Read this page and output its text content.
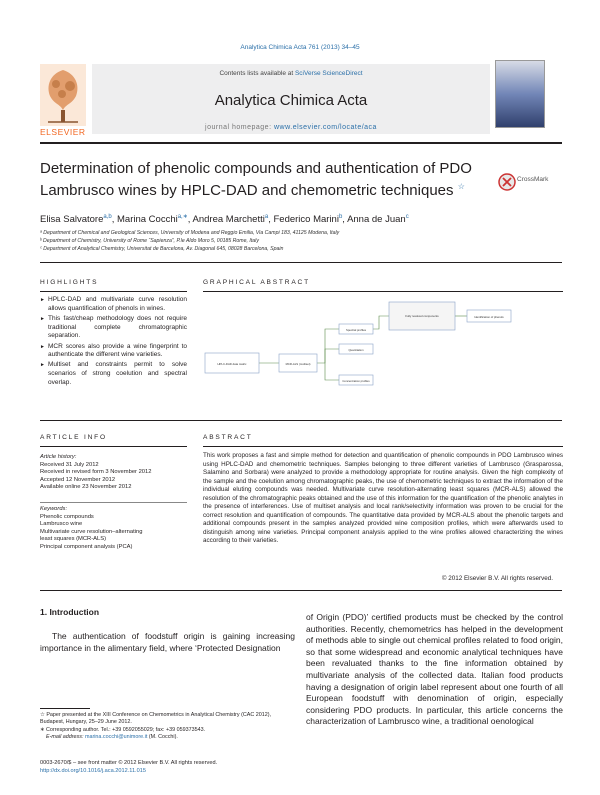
Analytica Chimica Acta 761 (2013) 34–45
ELSEVIER
Contents lists available at SciVerse ScienceDirect
Analytica Chimica Acta
journal homepage: www.elsevier.com/locate/aca
Determination of phenolic compounds and authentication of PDO
Lambrusco wines by HPLC-DAD and chemometric techniques ☆
CrossMark
Elisa Salvatore$^{a,b}$, Marina Cocchi$^{a,∗}$, Andrea Marchetti$^a$, Federico Marini$^b$, Anna de Juan$^c$
ᵃ Department of Chemical and Geological Sciences, University of Modena and Reggio Emilia, Via Campi 183, 41125 Modena, Italy
ᵇ Department of Chemistry, University of Rome “Sapienza”, P.le Aldo Moro 5, 00185 Rome, Italy
ᶜ Department of Analytical Chemistry, Universitat de Barcelona, Av. Diagonal 645, 08028 Barcelona, Spain
HIGHLIGHTS
► HPLC-DAD and multivariate curve resolution allows quantification of phenols in wines.
► This fast/cheap methodology does not require traditional complete chromatographic separation.
► MCR scores also provide a wine fingerprint to authenticate the different wine varieties.
► Multiset and constraints permit to solve scenarios of strong coelution and spectral overlap.
GRAPHICAL ABSTRACT
HPLC-DAD data matrix	MCR-ALS (multiset)
Spectral profiles
Quantitation
Concentration profiles
Fully resolved components	Identification of phenols
ARTICLE INFO
Article history:
Received 31 July 2012
Received in revised form 3 November 2012
Accepted 12 November 2012
Available online 23 November 2012
Keywords:
Phenolic compounds
Lambrusco wine
Multivariate curve resolution–alternating
least squares (MCR-ALS)
Principal component analysis (PCA)
ABSTRACT
This work proposes a fast and simple method for detection and quantification of phenolic compounds in PDO Lambrusco wines using HPLC-DAD and chemometric techniques. Samples belonging to three different varieties of Lambrusco (Grasparossa, Salamino and Sorbara) were analyzed to provide a methodology appropriate for routine analysis. Given the high complexity of the sample and the coelution among chromatographic peaks, the use of chemometric techniques to extract the information of the individual eluting compounds was needed. Multivariate curve resolution-alternating least squares (MCR-ALS) allowed the resolution of the chromatographic peaks obtained and the use of this information for the quantification of the phenolic analytes in the presence of interferences. Use of multiset analysis and local rank/selectivity information was proven to be crucial for the correct resolution and quantification of compounds. The quantitative data provided by MCR-ALS about the phenolic targets and additional compounds present in the samples analyzed provided wine composition profiles, which were afterwards used to distinguish among wine varieties. Principal component analysis applied to the wine profiles allowed characterizing the wines according to their varieties.
© 2012 Elsevier B.V. All rights reserved.
1. Introduction
The authentication of foodstuff origin is gaining increasing importance in the alimentary field, where ‘Protected Designation
of Origin (PDO)’ certified products must be checked by the control authorities. Recently, chemometrics has helped in the development of methods able to single out chemical profiles related to food origin, so that some widespread and economic analytical techniques have been revaluated thanks to the fine information obtained by multivariate analysis of the collected data. Italian food products having a designation of origin label represent about one fourth of all European foodstuff with denomination of origin, especially considering PDO products. In particular, this article concerns the characterization of Lambrusco wine, a traditional oenological
☆ Paper presented at the XIII Conference on Chemometrics in Analytical Chemistry (CAC 2012), Budapest, Hungary, 25–29 June 2012.
∗ Corresponding author. Tel.: +39 0592055029; fax: +39 059373543.
E-mail address: marina.cocchi@unimore.it (M. Cocchi).
0003-2670/$ – see front matter © 2012 Elsevier B.V. All rights reserved.
http://dx.doi.org/10.1016/j.aca.2012.11.015
